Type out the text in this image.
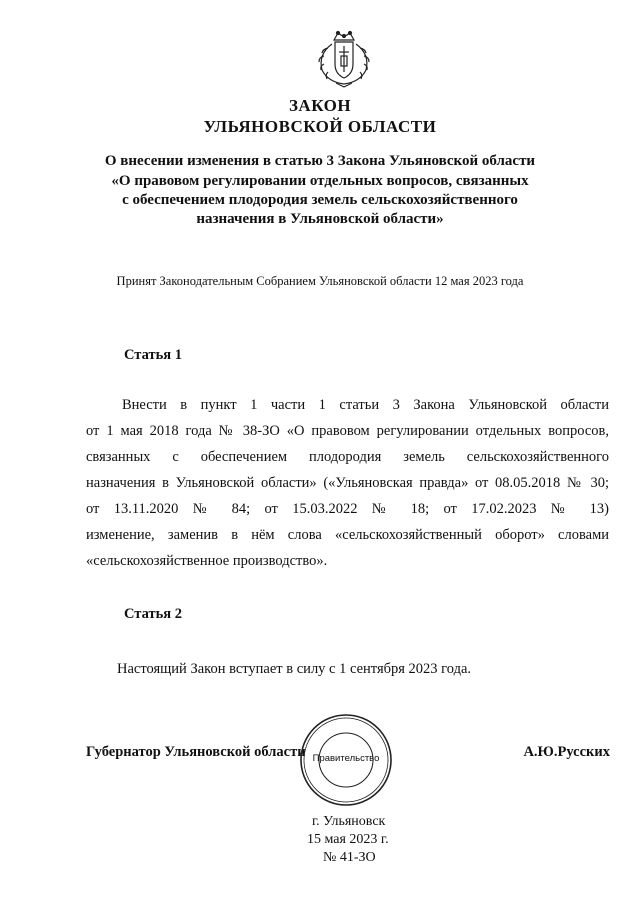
ЗАКОН
УЛЬЯНОВСКОЙ ОБЛАСТИ
О внесении изменения в статью 3 Закона Ульяновской области
«О правовом регулировании отдельных вопросов, связанных
с обеспечением плодородия земель сельскохозяйственного
назначения в Ульяновской области»
Принят Законодательным Собранием Ульяновской области 12 мая 2023 года
Статья 1
Внести в пункт 1 части 1 статьи 3 Закона Ульяновской области
от 1 мая 2018 года № 38-ЗО «О правовом регулировании отдельных вопросов,
связанных с обеспечением плодородия земель сельскохозяйственного
назначения в Ульяновской области» («Ульяновская правда» от 08.05.2018 № 30;
от 13.11.2020 № 84; от 15.03.2022 № 18; от 17.02.2023 № 13)
изменение, заменив в нём слова «сельскохозяйственный оборот» словами
«сельскохозяйственное производство».
Статья 2
Настоящий Закон вступает в силу с 1 сентября 2023 года.
Губернатор Ульяновской области	А.Ю.Русских
Правительство
г. Ульяновск
15 мая 2023 г.
№ 41-ЗО
